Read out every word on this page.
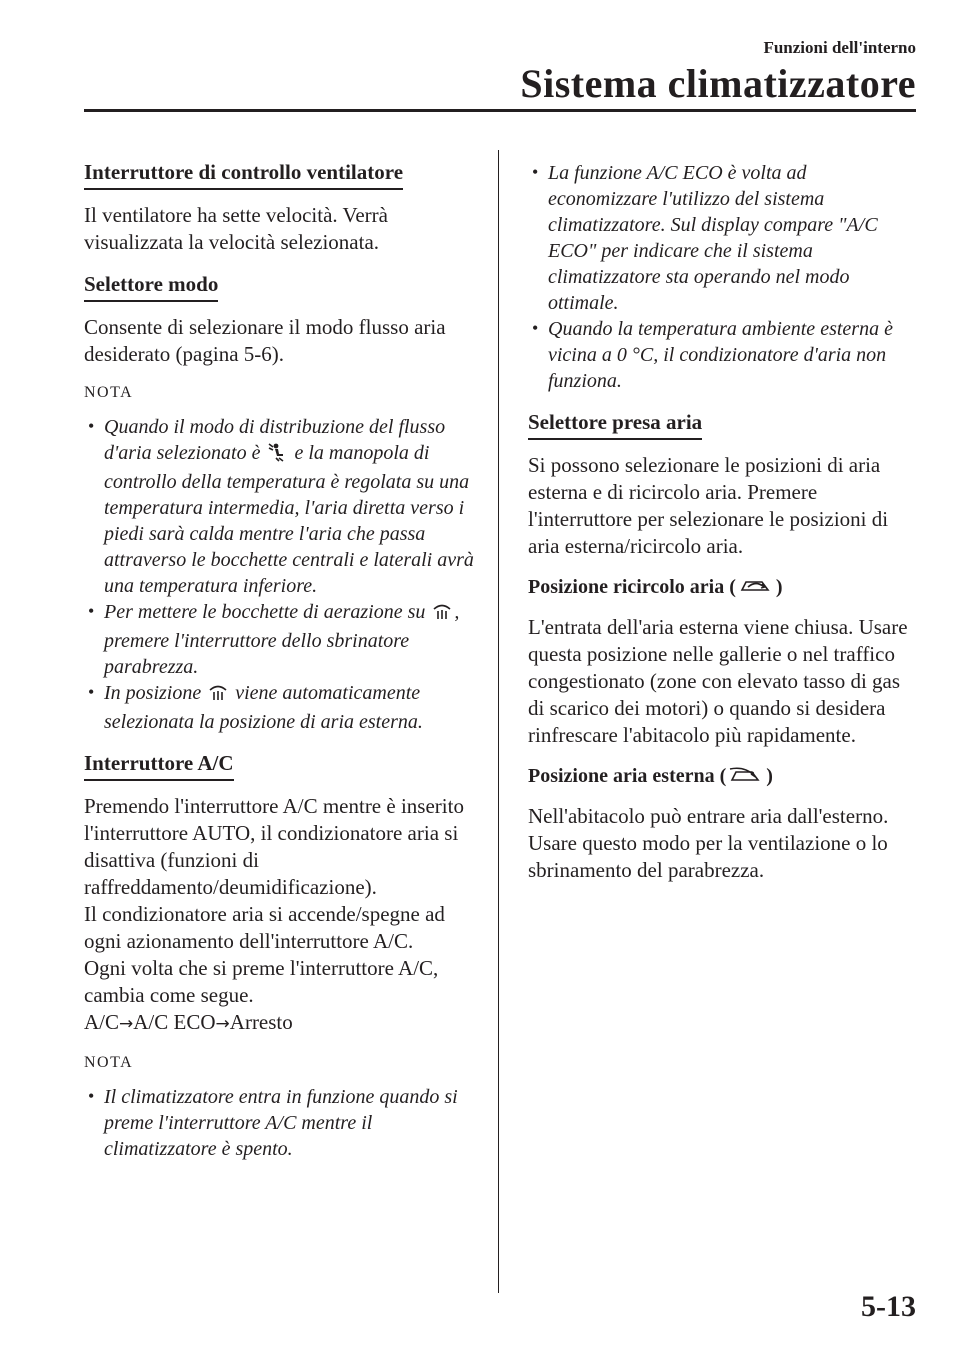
Funzioni dell'interno
Sistema climatizzatore
Interruttore di controllo ventilatore

Il ventilatore ha sette velocità. Verrà visualizzata la velocità selezionata.

Selettore modo

Consente di selezionare il modo flusso aria desiderato (pagina 5-6).

NOTA
• Quando il modo di distribuzione del flusso d'aria selezionato è e la manopola di controllo della temperatura è regolata su una temperatura intermedia, l'aria diretta verso i piedi sarà calda mentre l'aria che passa attraverso le bocchette centrali e laterali avrà una temperatura inferiore.
• Per mettere le bocchette di aerazione su , premere l'interruttore dello sbrinatore parabrezza.
• In posizione viene automaticamente selezionata la posizione di aria esterna.
Interruttore A/C

Premendo l'interruttore A/C mentre è inserito l'interruttore AUTO, il condizionatore aria si disattiva (funzioni di raffreddamento/deumidificazione).

Il condizionatore aria si accende/spegne ad ogni azionamento dell'interruttore A/C.

Ogni volta che si preme l'interruttore A/C, cambia come segue.

A/C→A/C ECO→Arresto

NOTA
• Il climatizzatore entra in funzione quando si preme l'interruttore A/C mentre il climatizzatore è spento.
• La funzione A/C ECO è volta ad economizzare l'utilizzo del sistema climatizzatore. Sul display compare "A/C ECO" per indicare che il sistema climatizzatore sta operando nel modo ottimale.
• Quando la temperatura ambiente esterna è vicina a 0 °C, il condizionatore d'aria non funziona.
Selettore presa aria

Si possono selezionare le posizioni di aria esterna e di ricircolo aria. Premere l'interruttore per selezionare le posizioni di aria esterna/ricircolo aria.

Posizione ricircolo aria ( )

L'entrata dell'aria esterna viene chiusa. Usare questa posizione nelle gallerie o nel traffico congestionato (zone con elevato tasso di gas di scarico dei motori) o quando si desidera rinfrescare l'abitacolo più rapidamente.

Posizione aria esterna ( )

Nell'abitacolo può entrare aria dall'esterno. Usare questo modo per la ventilazione o lo sbrinamento del parabrezza.

5-13
